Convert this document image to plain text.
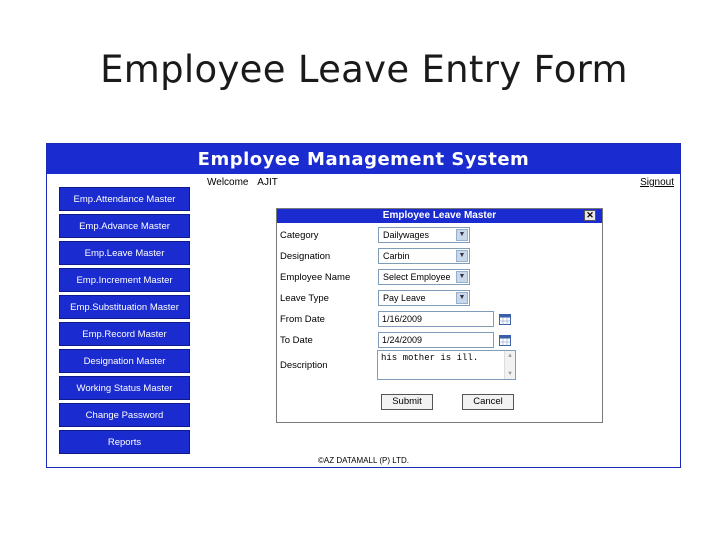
Employee Leave Entry Form
Employee Management System
Welcome AJIT	Signout
Emp.Attendance Master
Emp.Advance Master
Emp.Leave Master
Emp.Increment Master
Emp.Substituation Master
Emp.Record Master
Designation Master
Working Status Master
Change Password
Reports
Employee Leave Master	✕
Category	Dailywages	▼
Designation	Carbin	▼
Employee Name	Select Employee	▼
Leave Type	Pay Leave	▼
From Date	1/16/2009
To Date	1/24/2009
Description
his mother is ill.	▲
▼
Submit	Cancel
©AZ DATAMALL (P) LTD.
